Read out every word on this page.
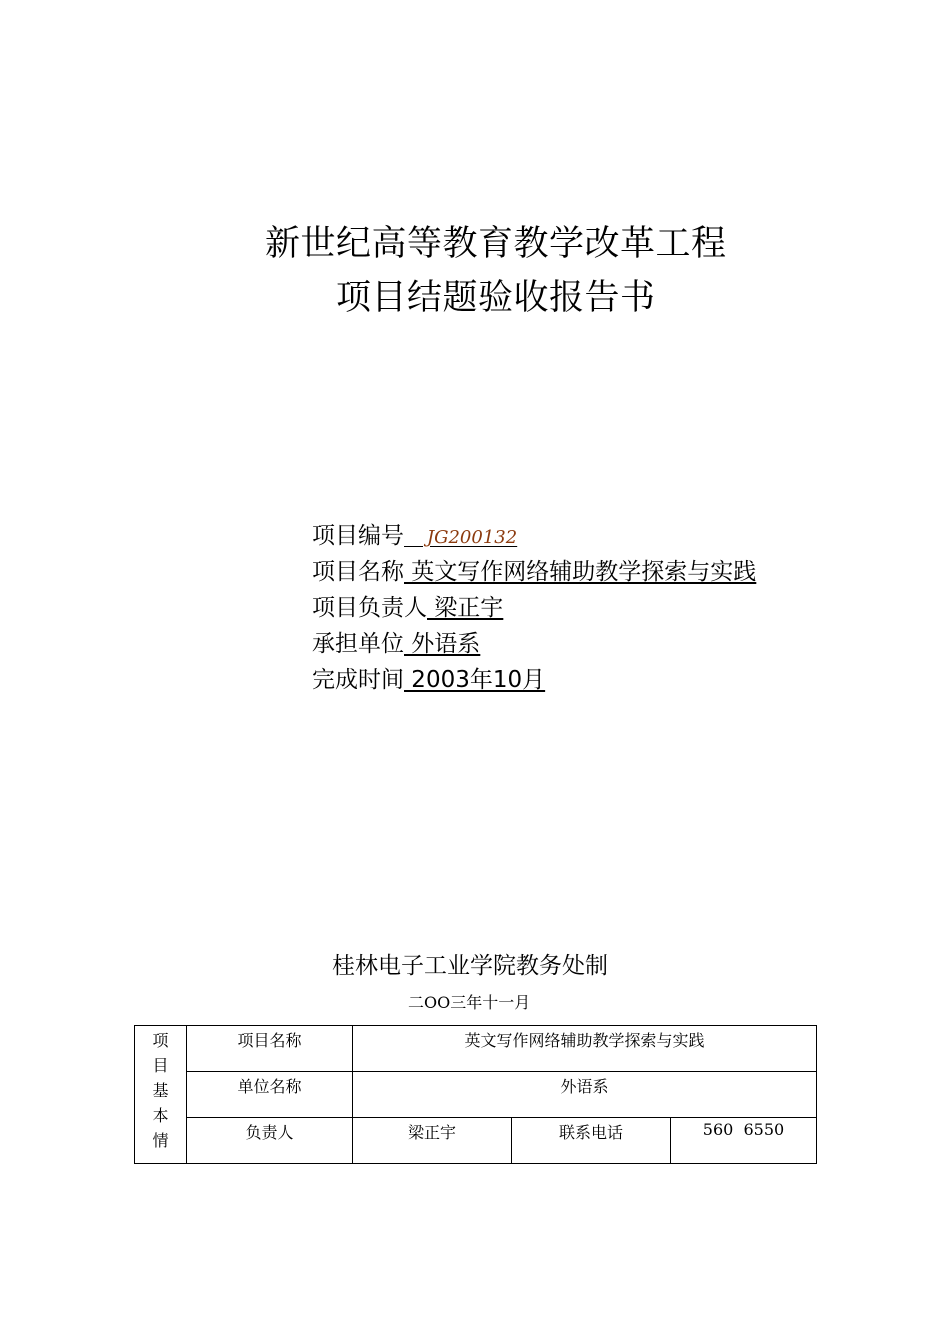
新世纪高等教育教学改革工程
项目结题验收报告书
项目编号    JG200132
项目名称 英文写作网络辅助教学探索与实践
项目负责人 梁正宇
承担单位 外语系
完成时间 2003年10月
桂林电子工业学院教务处制
二OO三年十一月
项
目
基
本
情	项目名称	英文写作网络辅助教学探索与实践		
	单位名称	外语系		
	负责人	梁正宇	联系电话	560  6550
